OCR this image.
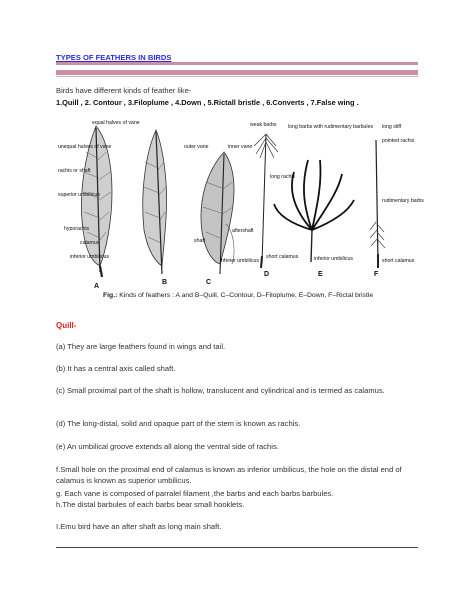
TYPES OF FEATHERS IN BIRDS
Birds have different kinds of feather like-
1.Quill , 2. Contour , 3.Filoplume , 4.Down , 5.Rictall bristle , 6.Converts , 7.False wing .
equal halves of vane
unequal halves of vane
rachis or shaft
superior umbilicus
hyporachis
calamus
inferior umbilicus
outer vane	inner vane
aftershaft
shaft
inferior umbilicus
weak barbs
long rachis
short calamus
long barbs with rudimentary barbules
inferior umbilicus
long stiff
pointed rachis
rudimentary barbs
short calamus
A
B	C
D	E	F
Fig.: Kinds of feathers : A and B–Quill, C–Contour, D–Filoplume, E–Down, F–Rictal bristle
Quill-
(a) They are large feathers found in wings and tail.
(b) It has a central axis called shaft.
(c) Small proximal part of the shaft is hollow, translucent and cylindrical and is termed as calamus.
(d) The long-distal, solid and opaque part of the stem is known as rachis.
(e) An umbilical groove extends all along the ventral side of rachis.
f.Small hole on the proximal end of calamus is known as inferior umbilicus, the hole on the distal end of calamus is known as superior umbilicus.
g. Each vane is composed of parralel filament ,the barbs and each barbs barbules.
h.The distal barbules of each barbs bear small hooklets.
I.Emu bird have an after shaft as long main shaft.
